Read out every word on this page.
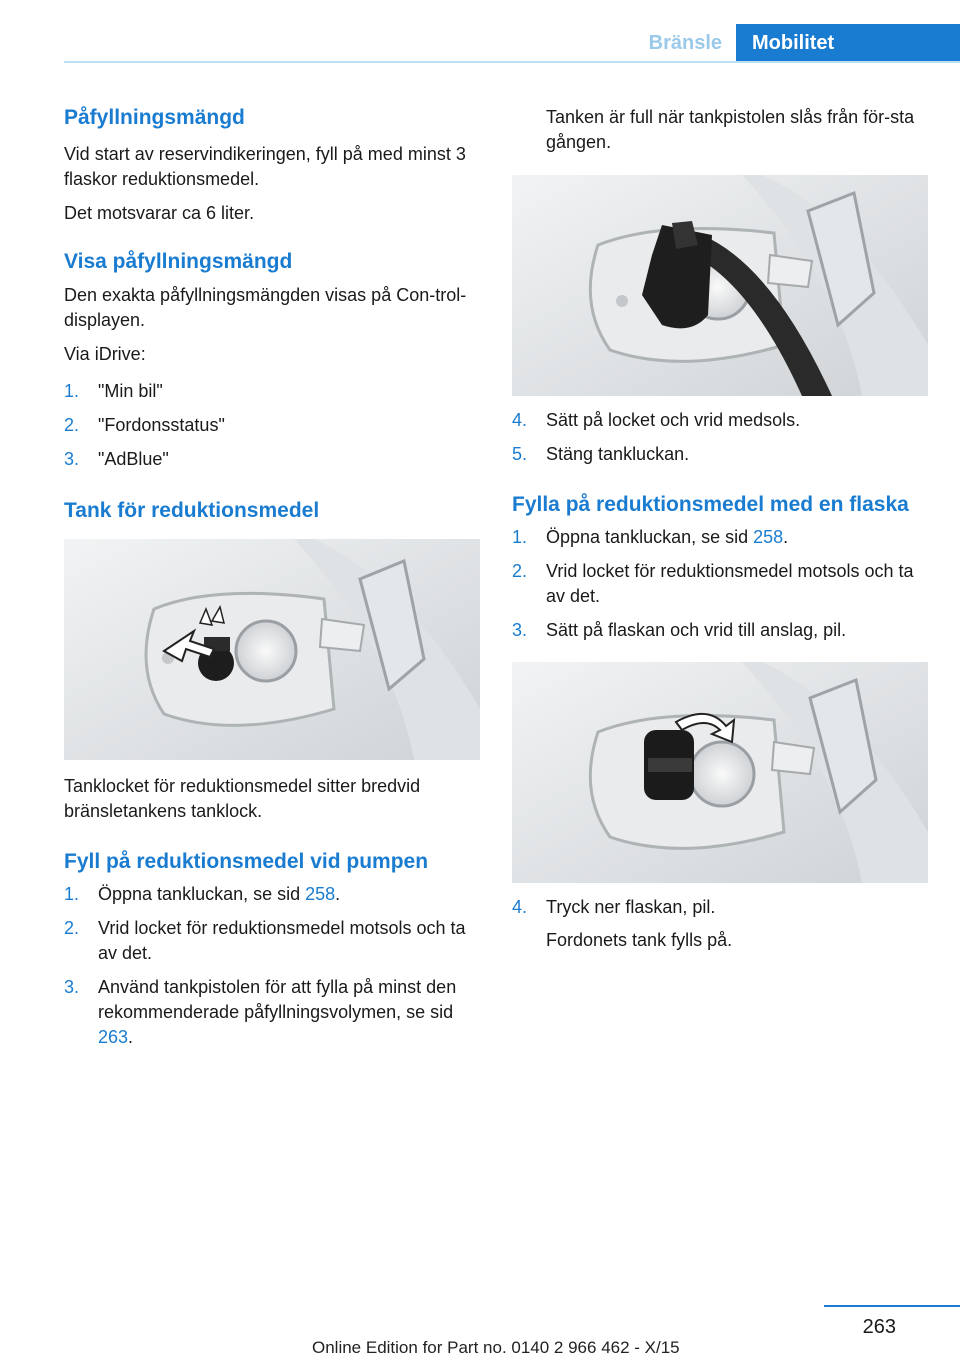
Bränsle	Mobilitet
Påfyllningsmängd

Vid start av reservindikeringen, fyll på med minst 3 flaskor reduktionsmedel.

Det motsvarar ca 6 liter.

Visa påfyllningsmängd

Den exakta påfyllningsmängden visas på Con‐trol-displayen.

Via iDrive:

1. "Min bil"
2. "Fordonsstatus"
3. "AdBlue"
Tank för reduktionsmedel

Tanklocket för reduktionsmedel sitter bredvid bränsletankens tanklock.

Fyll på reduktionsmedel vid pumpen
1. Öppna tankluckan, se sid 258.
2. Vrid locket för reduktionsmedel motsols och ta av det.
3. Använd tankpistolen för att fylla på minst den rekommenderade påfyllningsvolymen, se sid 263.
Tanken är full när tankpistolen slås från för‐sta gången.
4. Sätt på locket och vrid medsols.
5. Stäng tankluckan.
Fylla på reduktionsmedel med en flaska
1. Öppna tankluckan, se sid 258.
2. Vrid locket för reduktionsmedel motsols och ta av det.
3. Sätt på flaskan och vrid till anslag, pil.
4. Tryck ner flaskan, pil.
Fordonets tank fylls på.
263
Online Edition for Part no. 0140 2 966 462 - X/15
